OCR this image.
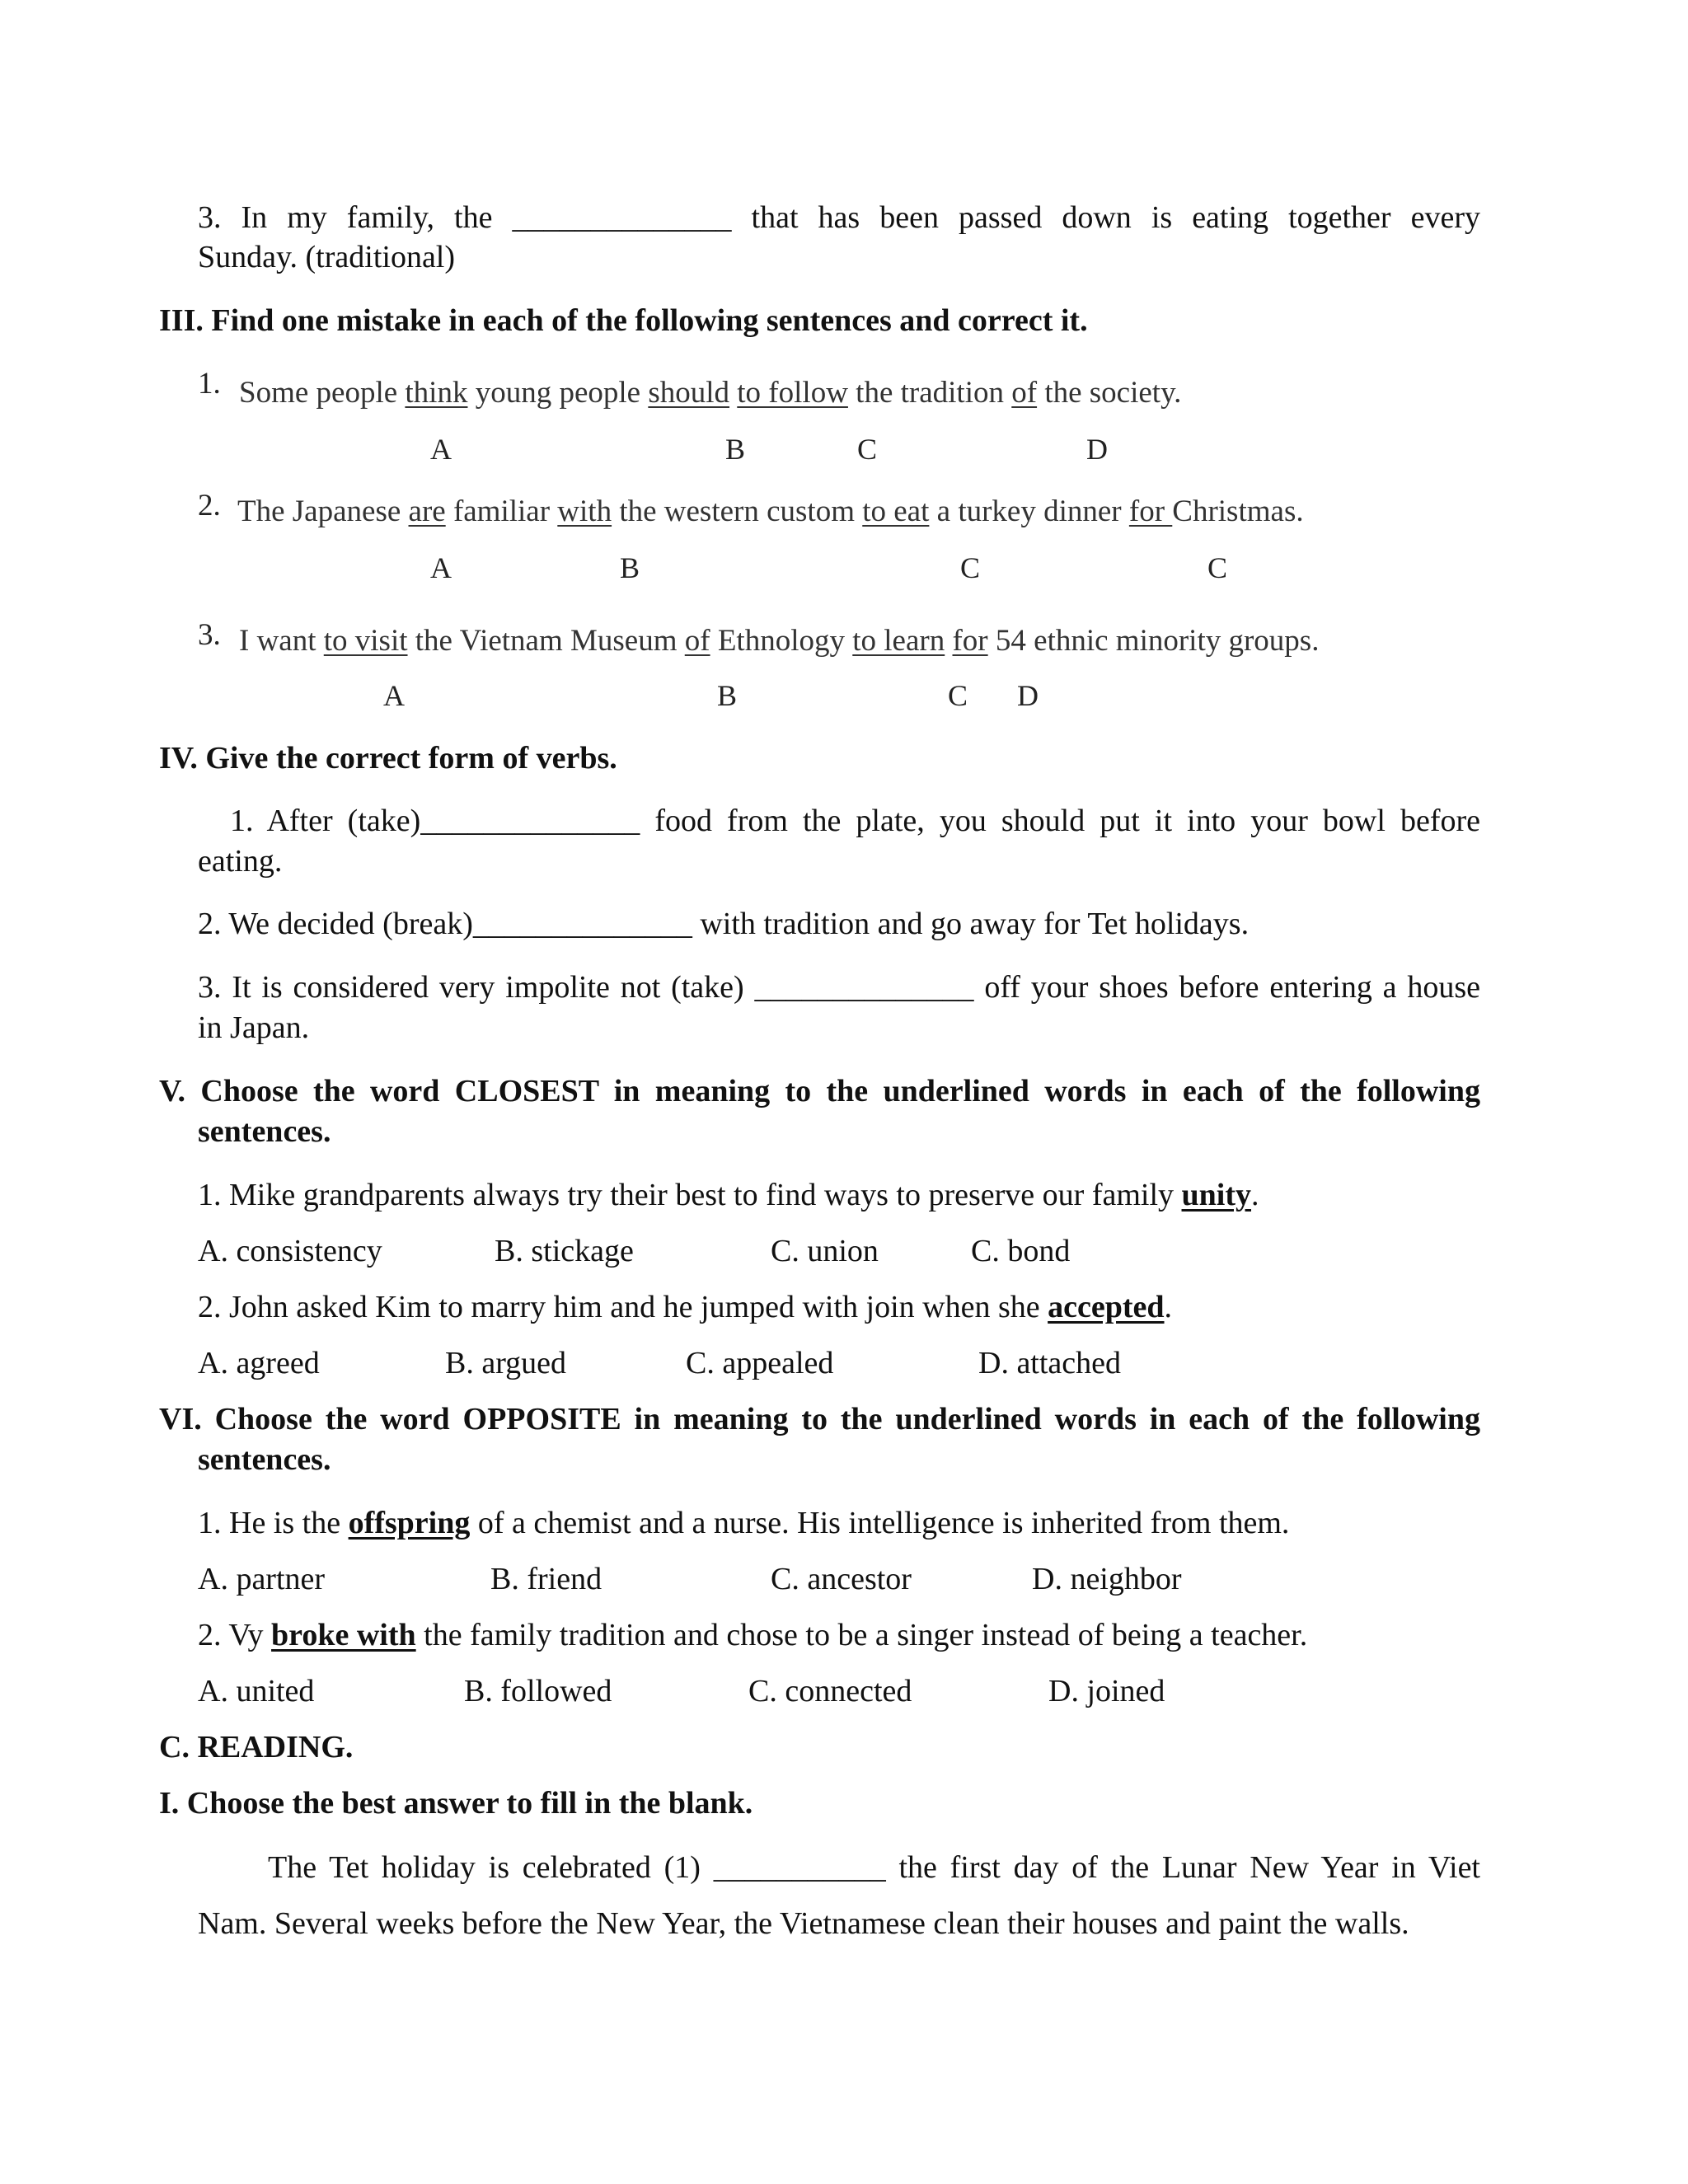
3. In my family, the ______________ that has been passed down is eating together every
Sunday. (traditional)
III. Find one mistake in each of the following sentences and correct it.
1. Some people think young people should to follow the tradition of the society.
A	B	C	D
2. The Japanese are familiar with the western custom to eat a turkey dinner for Christmas.
A	B	C	C
3. I want to visit the Vietnam Museum of Ethnology to learn for 54 ethnic minority groups.
A	B	C D
IV. Give the correct form of verbs.
1. After (take)______________ food from the plate, you should put it into your bowl before
eating.
2. We decided (break)______________ with tradition and go away for Tet holidays.
3. It is considered very impolite not (take) ______________ off your shoes before entering a house
in Japan.
V. Choose the word CLOSEST in meaning to the underlined words in each of the following
sentences.
1. Mike grandparents always try their best to find ways to preserve our family unity.
A. consistency	B. stickage	C. union	C. bond
2. John asked Kim to marry him and he jumped with join when she accepted.
A. agreed	B. argued	C. appealed	D. attached
VI. Choose the word OPPOSITE in meaning to the underlined words in each of the following
sentences.
1. He is the offspring of a chemist and a nurse. His intelligence is inherited from them.
A. partner	B. friend	C. ancestor	D. neighbor
2. Vy broke with the family tradition and chose to be a singer instead of being a teacher.
A. united	B. followed	C. connected	D. joined
C. READING.
I. Choose the best answer to fill in the blank.
The Tet holiday is celebrated (1) ___________ the first day of the Lunar New Year in Viet
Nam. Several weeks before the New Year, the Vietnamese clean their houses and paint the walls.
